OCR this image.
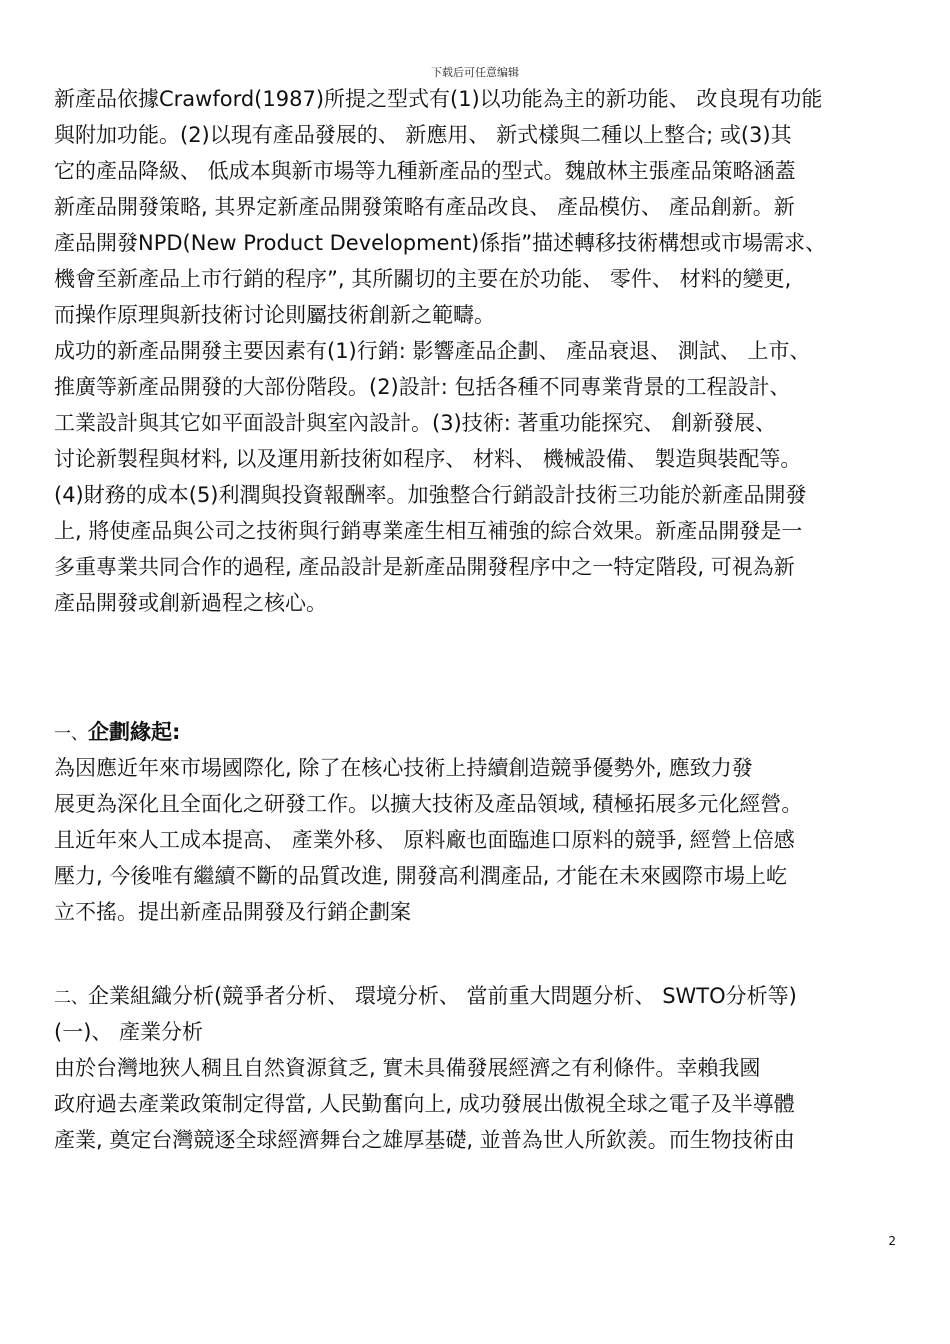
下载后可任意编辑
新產品依據Crawford(1987)所提之型式有(1)以功能為主的新功能、 改良現有功能
與附加功能。(2)以現有產品發展的、 新應用、 新式樣與二種以上整合; 或(3)其
它的產品降級、 低成本與新市場等九種新產品的型式。魏啟林主張產品策略涵蓋
新產品開發策略, 其界定新產品開發策略有產品改良、 產品模仿、 產品創新。新
產品開發NPD(New Product Development)係指”描述轉移技術構想或市場需求、
機會至新產品上市行銷的程序”, 其所關切的主要在於功能、 零件、 材料的變更,
而操作原理與新技術讨论則屬技術創新之範疇。
成功的新產品開發主要因素有(1)行銷: 影響產品企劃、 產品衰退、 測試、 上市、
推廣等新產品開發的大部份階段。(2)設計: 包括各種不同專業背景的工程設計、
工業設計與其它如平面設計與室內設計。(3)技術: 著重功能探究、 創新發展、
讨论新製程與材料, 以及運用新技術如程序、 材料、 機械設備、 製造與裝配等。
(4)財務的成本(5)利潤與投資報酬率。加強整合行銷設計技術三功能於新產品開發
上, 將使產品與公司之技術與行銷專業產生相互補強的綜合效果。新產品開發是一
多重專業共同合作的過程, 產品設計是新產品開發程序中之一特定階段, 可視為新
產品開發或創新過程之核心。
一、企劃緣起:
為因應近年來市場國際化, 除了在核心技術上持續創造競爭優勢外, 應致力發
展更為深化且全面化之研發工作。以擴大技術及產品領域, 積極拓展多元化經營。
且近年來人工成本提高、 產業外移、 原料廠也面臨進口原料的競爭, 經營上倍感
壓力, 今後唯有繼續不斷的品質改進, 開發高利潤產品, 才能在未來國際市場上屹
立不搖。提出新產品開發及行銷企劃案
二、企業組織分析(競爭者分析、 環境分析、 當前重大問題分析、 SWTO分析等)
(一)、 產業分析
由於台灣地狹人稠且自然資源貧乏, 實未具備發展經濟之有利條件。幸賴我國
政府過去產業政策制定得當, 人民勤奮向上, 成功發展出傲視全球之電子及半導體
產業, 奠定台灣競逐全球經濟舞台之雄厚基礎, 並普為世人所欽羨。而生物技術由
2
